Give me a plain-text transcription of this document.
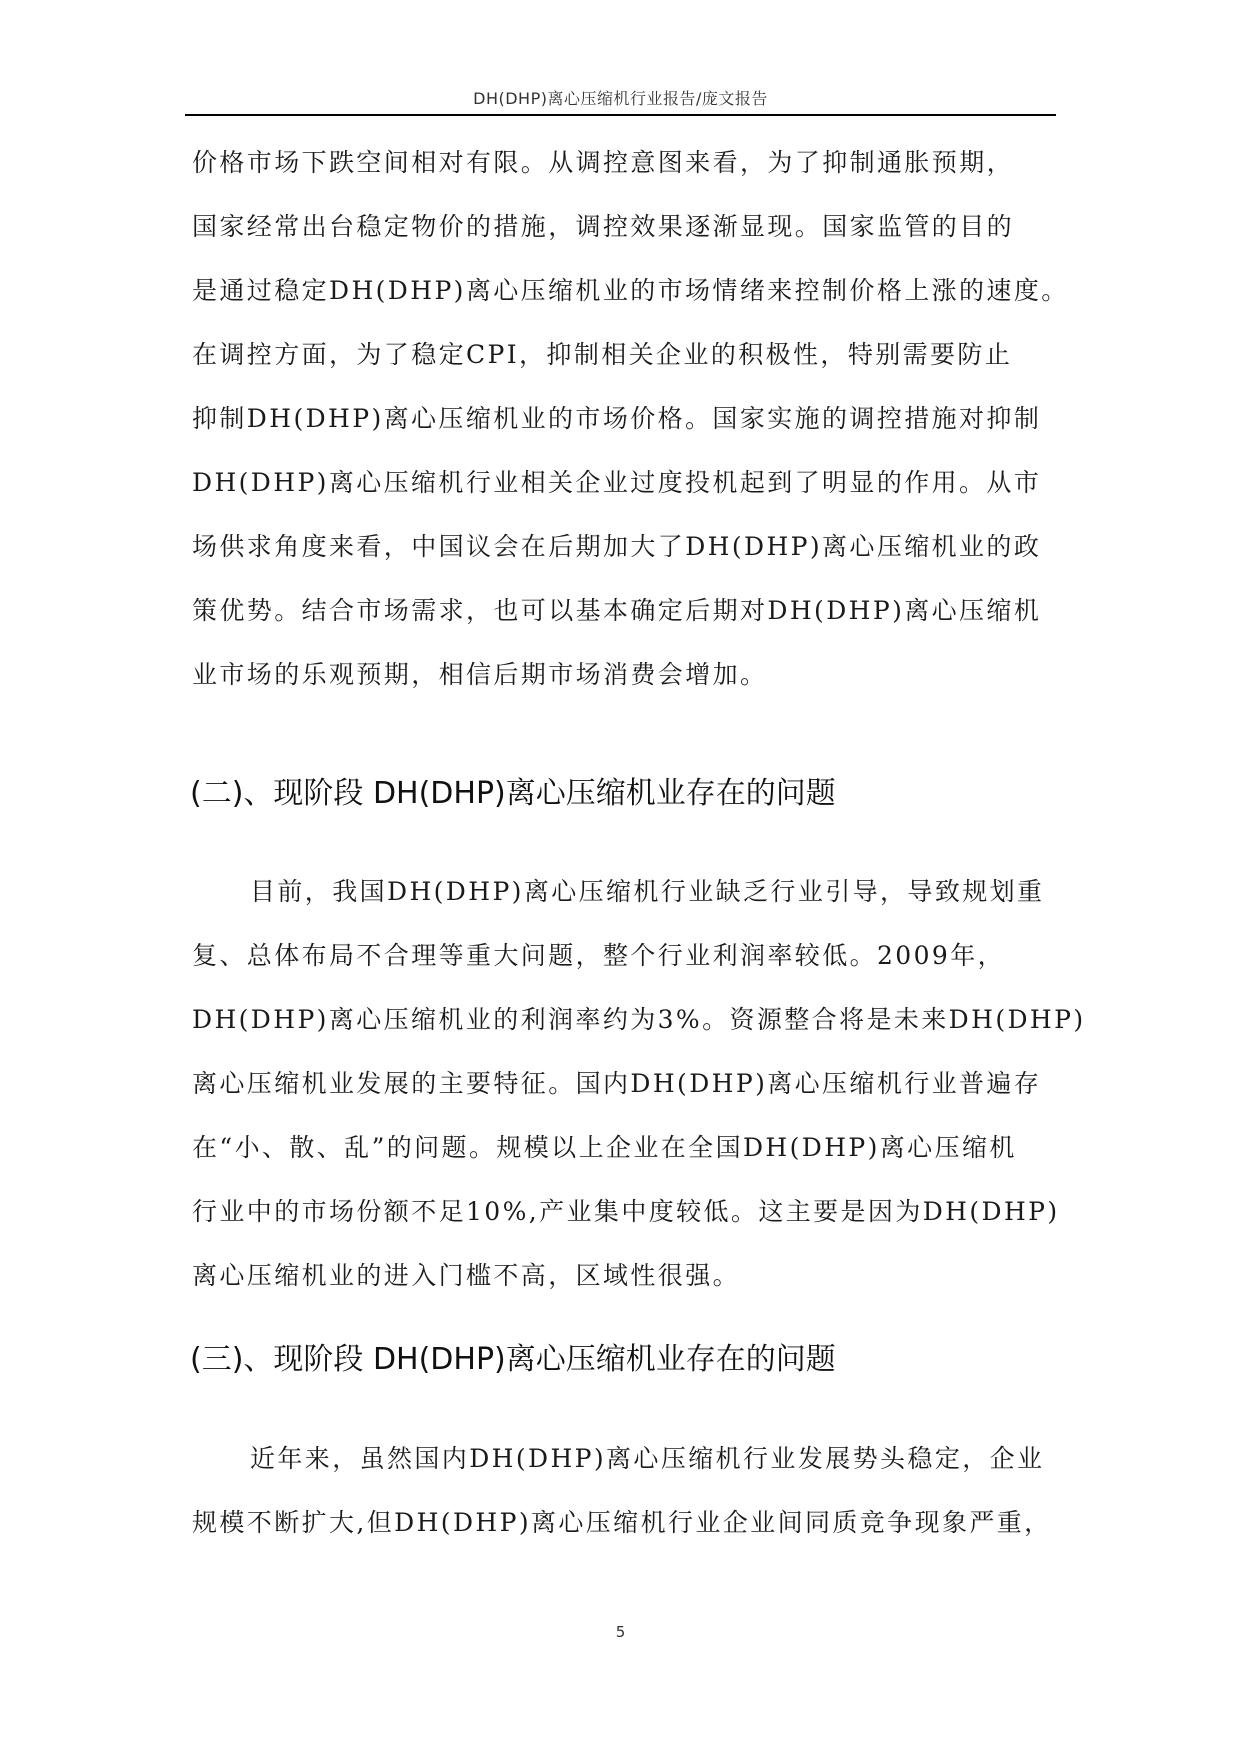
DH(DHP)离心压缩机行业报告/庞文报告
价格市场下跌空间相对有限。从调控意图来看，为了抑制通胀预期，
国家经常出台稳定物价的措施，调控效果逐渐显现。国家监管的目的
是通过稳定DH(DHP)离心压缩机业的市场情绪来控制价格上涨的速度。
在调控方面，为了稳定CPI，抑制相关企业的积极性，特别需要防止
抑制DH(DHP)离心压缩机业的市场价格。国家实施的调控措施对抑制
DH(DHP)离心压缩机行业相关企业过度投机起到了明显的作用。从市
场供求角度来看，中国议会在后期加大了DH(DHP)离心压缩机业的政
策优势。结合市场需求，也可以基本确定后期对DH(DHP)离心压缩机
业市场的乐观预期，相信后期市场消费会增加。
(二)、现阶段 DH(DHP)离心压缩机业存在的问题
目前，我国DH(DHP)离心压缩机行业缺乏行业引导，导致规划重
复、总体布局不合理等重大问题，整个行业利润率较低。2009年，
DH(DHP)离心压缩机业的利润率约为3%。资源整合将是未来DH(DHP)
离心压缩机业发展的主要特征。国内DH(DHP)离心压缩机行业普遍存
在“小、散、乱”的问题。规模以上企业在全国DH(DHP)离心压缩机
行业中的市场份额不足10%,产业集中度较低。这主要是因为DH(DHP)
离心压缩机业的进入门槛不高，区域性很强。
(三)、现阶段 DH(DHP)离心压缩机业存在的问题
近年来，虽然国内DH(DHP)离心压缩机行业发展势头稳定，企业
规模不断扩大,但DH(DHP)离心压缩机行业企业间同质竞争现象严重，
5
